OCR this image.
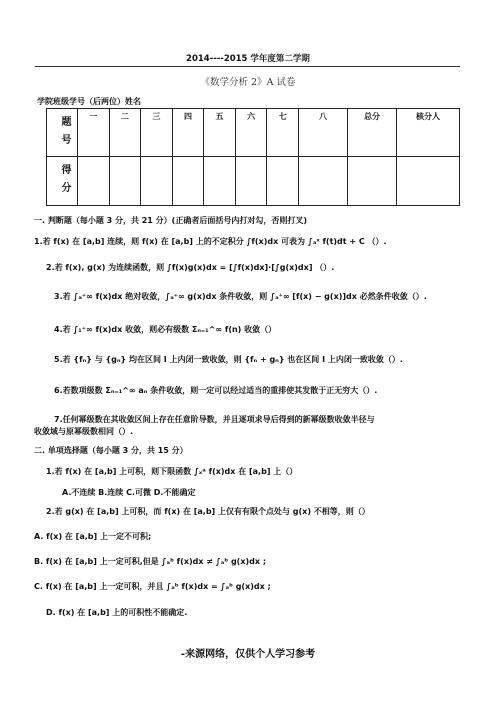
2014----2015 学年度第二学期
《数学分析 2》A 试卷
学院班级学号（后两位）姓名
题号	一	二	三	四	五	六	七	八	总分	核分人
得分										
一. 判断题（每小题 3 分，共 21 分）(正确者后面括号内打对勾，否则打叉)
1.若 f(x) 在 [a,b] 连续，则 f(x) 在 [a,b] 上的不定积分 ∫f(x)dx 可表为 ∫ₐˣ f(t)dt + C （）.
2.若 f(x), g(x) 为连续函数，则 ∫f(x)g(x)dx = [∫f(x)dx]·[∫g(x)dx] （）.
3.若 ∫ₐ⁺∞ f(x)dx 绝对收敛，∫ₐ⁺∞ g(x)dx 条件收敛，则 ∫ₐ⁺∞ [f(x) − g(x)]dx 必然条件收敛（）.
4.若 ∫₁⁺∞ f(x)dx 收敛，则必有级数 Σₙ₌₁^∞ f(n) 收敛（）
5.若 {fₙ} 与 {gₙ} 均在区间 I 上内闭一致收敛，则 {fₙ + gₙ} 也在区间 I 上内闭一致收敛（）.
6.若数项级数 Σₙ₌₁^∞ aₙ 条件收敛，则一定可以经过适当的重排使其发散于正无穷大（）.
7.任何幂级数在其收敛区间上存在任意阶导数，并且逐项求导后得到的新幂级数收敛半径与
收敛域与原幂级数相同（）.
二. 单项选择题（每小题 3 分，共 15 分）
1.若 f(x) 在 [a,b] 上可积，则下限函数 ∫ₓᵃ f(x)dx 在 [a,b] 上（）
A.不连续 B.连续 C.可微 D.不能确定
2.若 g(x) 在 [a,b] 上可积，而 f(x) 在 [a,b] 上仅有有限个点处与 g(x) 不相等，则（）
A. f(x) 在 [a,b] 上一定不可积;
B. f(x) 在 [a,b] 上一定可积,但是 ∫ₐᵇ f(x)dx ≠ ∫ₐᵇ g(x)dx ;
C. f(x) 在 [a,b] 上一定可积，并且 ∫ₐᵇ f(x)dx = ∫ₐᵇ g(x)dx ;
D. f(x) 在 [a,b] 上的可积性不能确定.
-来源网络，仅供个人学习参考
